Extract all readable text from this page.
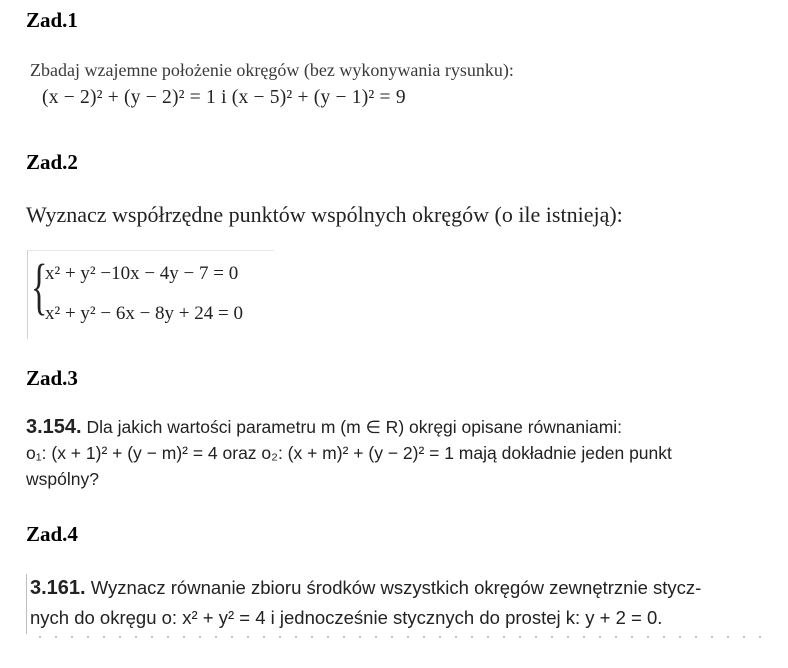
Zad.1
Zbadaj wzajemne położenie okręgów (bez wykonywania rysunku):
(x − 2)² + (y − 2)² = 1 i (x − 5)² + (y − 1)² = 9
Zad.2
Wyznacz współrzędne punktów wspólnych okręgów (o ile istnieją):
{
x² + y² −10x − 4y − 7 = 0
x² + y² − 6x − 8y + 24 = 0
Zad.3
3.154. Dla jakich wartości parametru m (m ∈ R) okręgi opisane równaniami:
o₁: (x + 1)² + (y − m)² = 4 oraz o₂: (x + m)² + (y − 2)² = 1 mają dokładnie jeden punkt
wspólny?
Zad.4
3.161. Wyznacz równanie zbioru środków wszystkich okręgów zewnętrznie stycz-
nych do okręgu o: x² + y² = 4 i jednocześnie stycznych do prostej k: y + 2 = 0.
